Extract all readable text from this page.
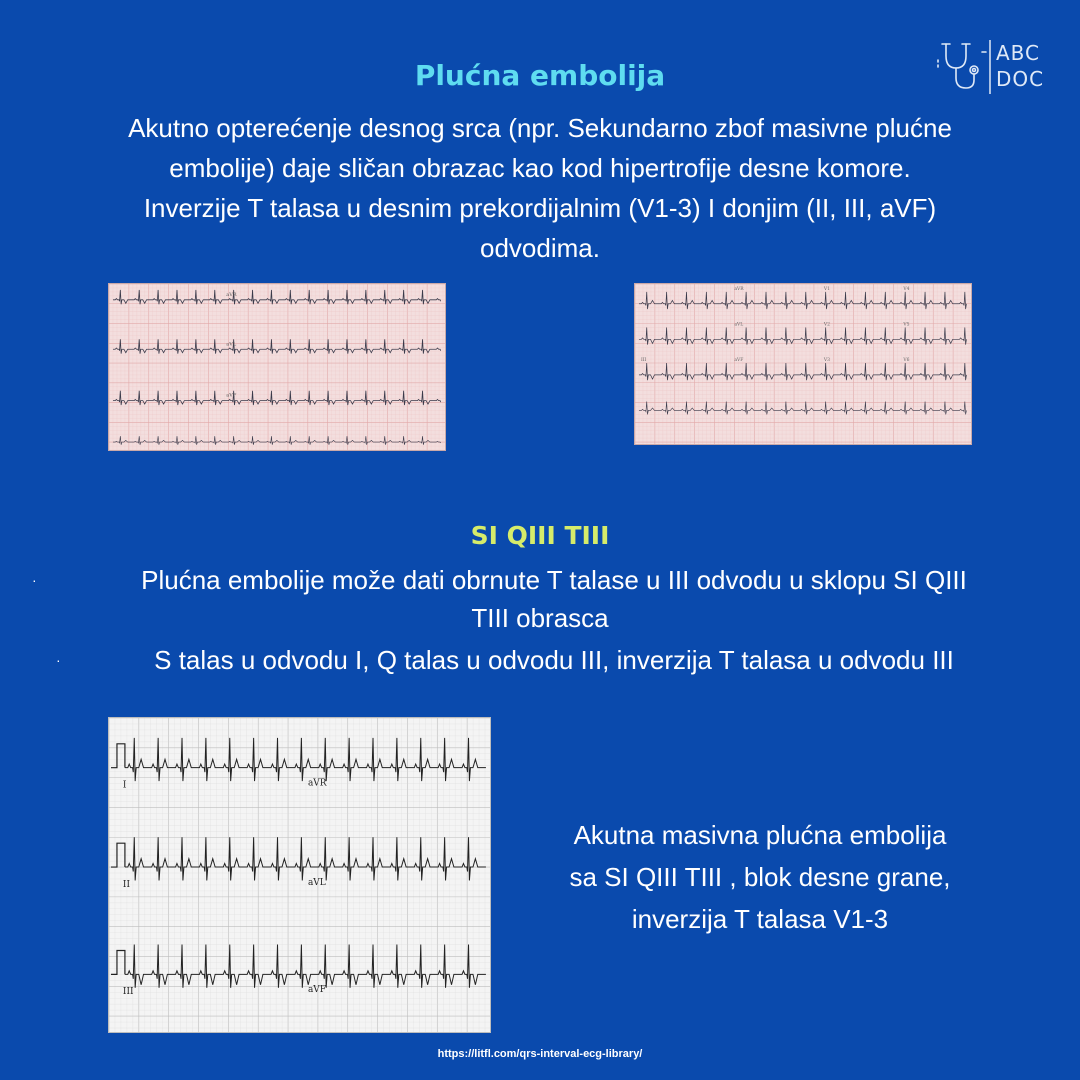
Plućna embolija
ABC
DOC
Akutno opterećenje desnog srca (npr. Sekundarno zbof masivne plućne
embolije) daje sličan obrazac kao kod hipertrofije desne komore.
Inverzije T talasa u desnim prekordijalnim (V1-3) I donjim (II, III, aVF)
odvodima.
aVR
aVL
aVF
aVR	V1	V4
aVL	V2	V5
III	aVF	V3	V6
SI QIII TIII
·	Plućna embolije može dati obrnute T talase u III odvodu u sklopu SI QIII
TIII obrasca
·	S talas u odvodu I, Q talas u odvodu III, inverzija T talasa u odvodu III
I	aVR
II	aVL
III	aVF
Akutna masivna plućna embolija
sa SI QIII TIII , blok desne grane,
inverzija T talasa V1-3
https://litfl.com/qrs-interval-ecg-library/
